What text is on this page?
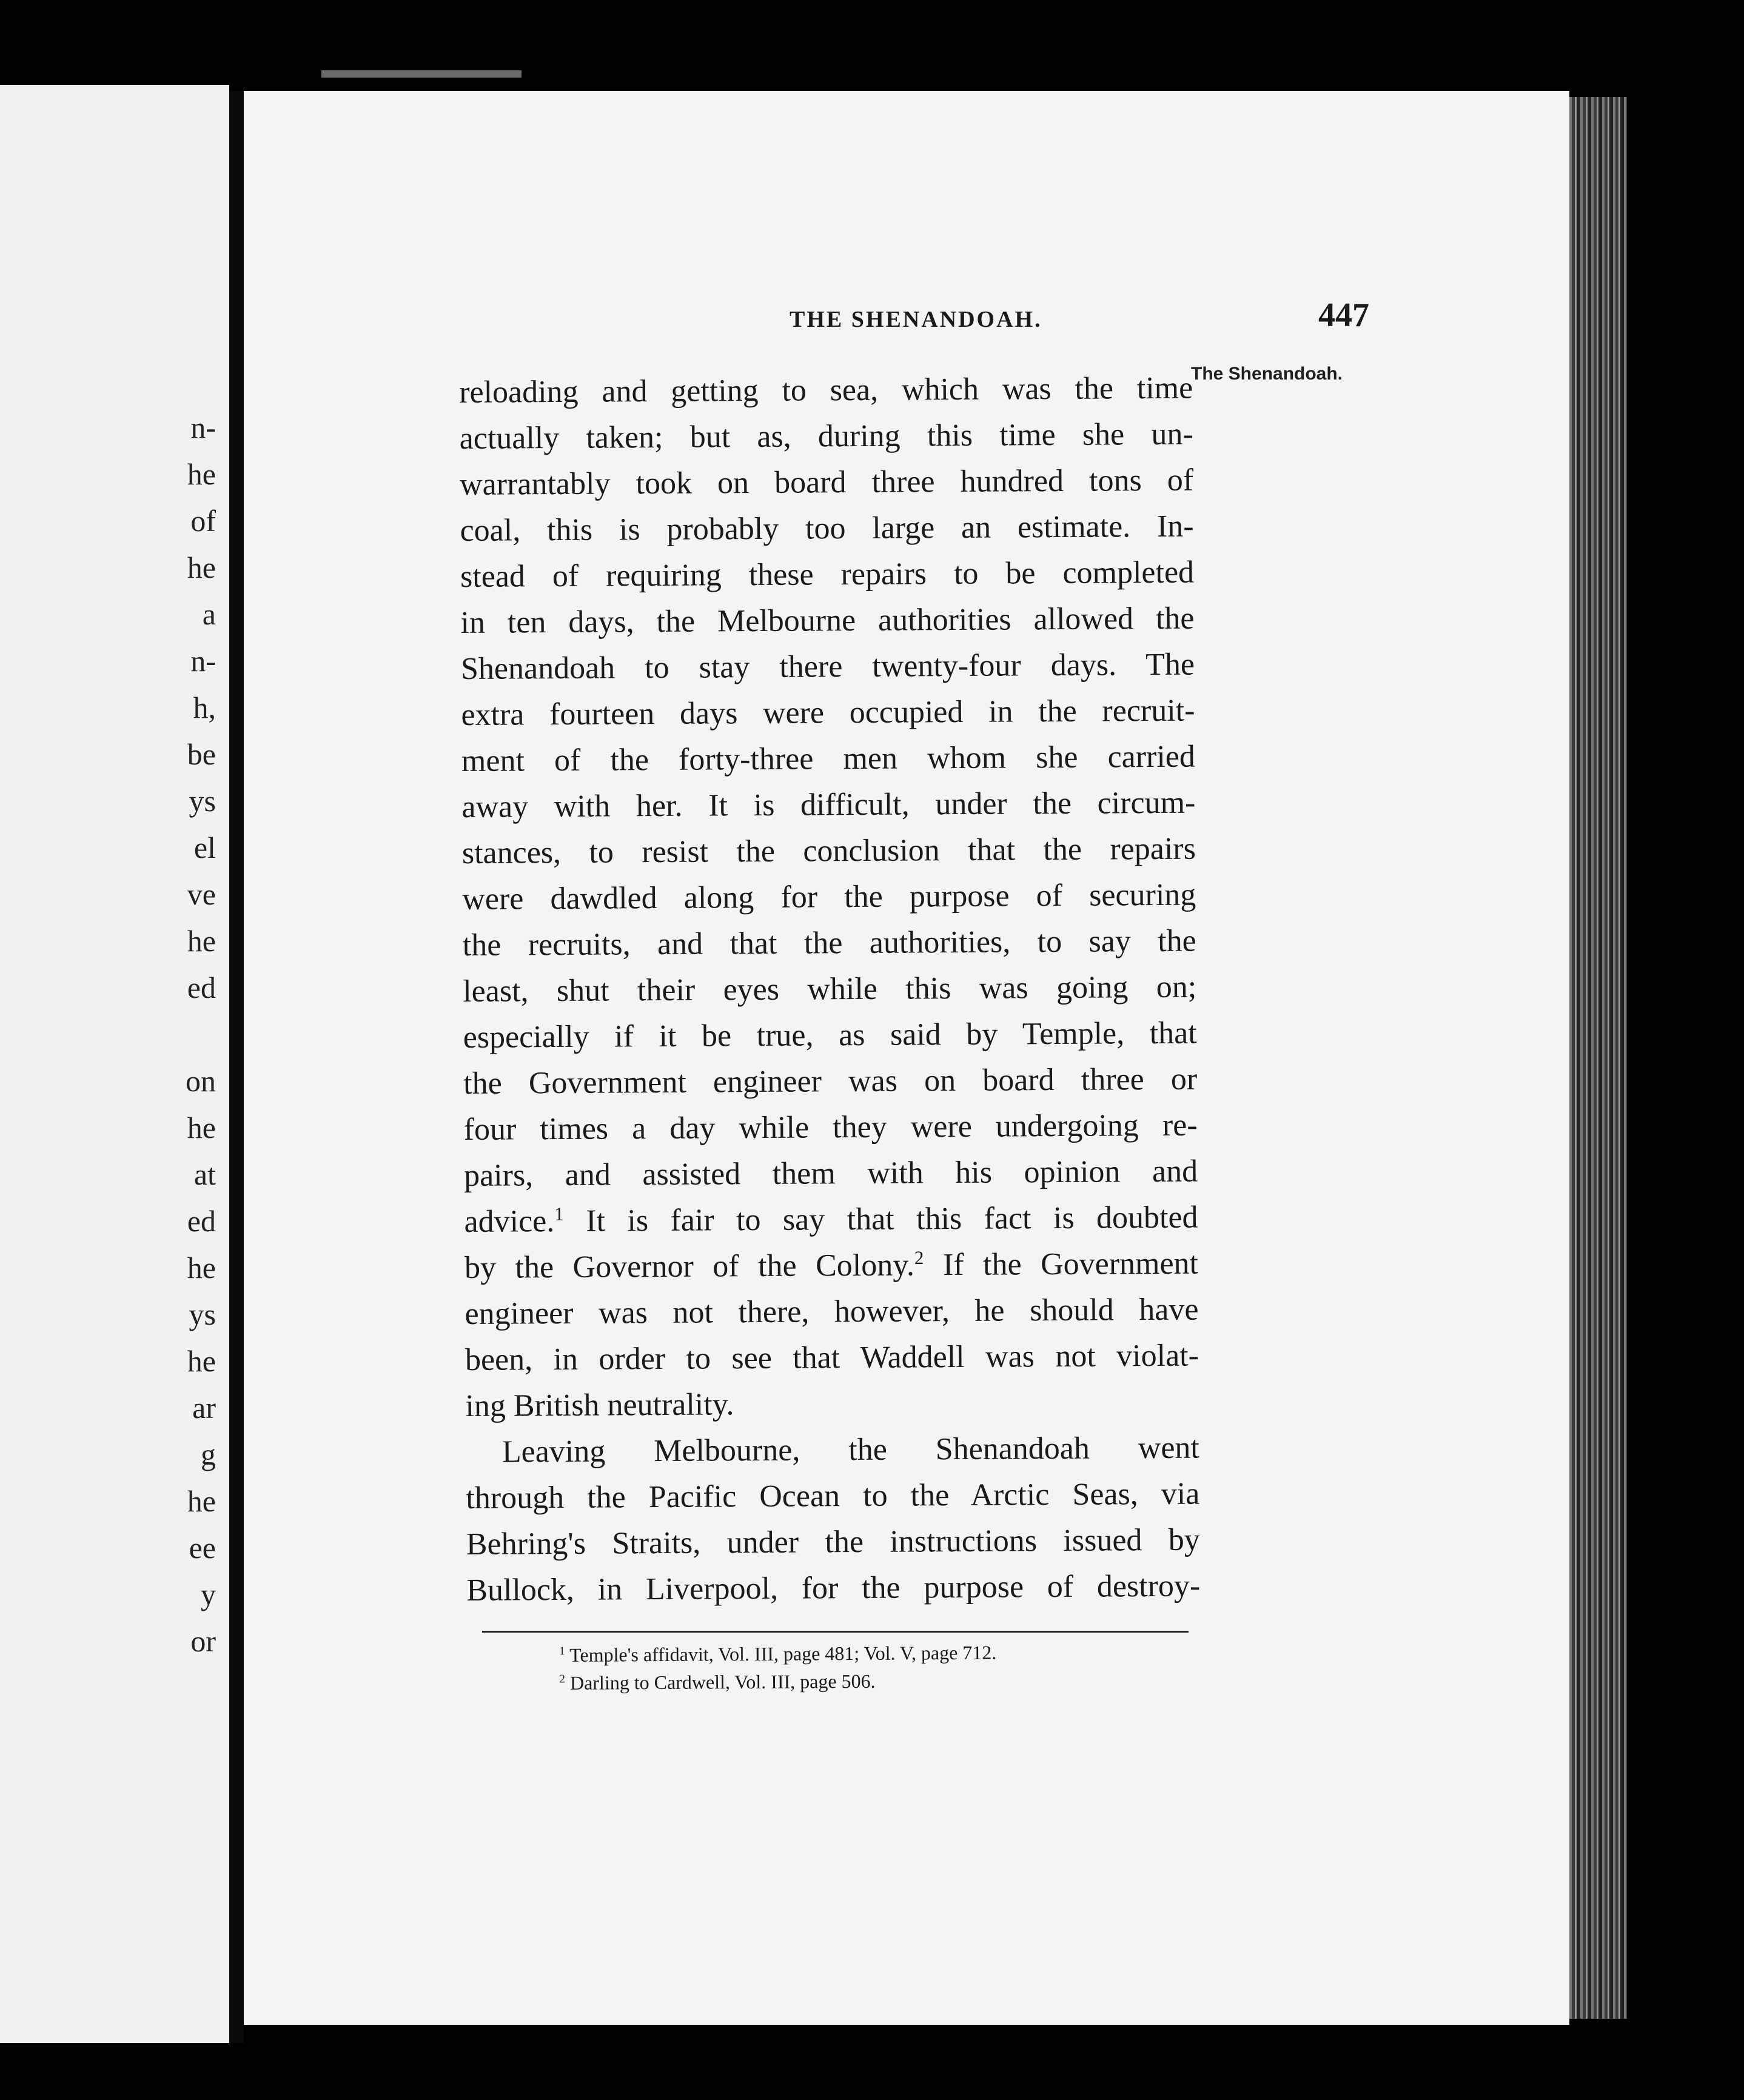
n-
he
of
he
a
n-
h,
be
ys
el
ve
he
ed
on
he
at
ed
he
ys
he
ar
g
he
ee
y
or
THE SHENANDOAH.	447
The Shenandoah.
reloading and getting to sea, which was the time
actually taken; but as, during this time she un-
warrantably took on board three hundred tons of
coal, this is probably too large an estimate. In-
stead of requiring these repairs to be completed
in ten days, the Melbourne authorities allowed the
Shenandoah to stay there twenty-four days. The
extra fourteen days were occupied in the recruit-
ment of the forty-three men whom she carried
away with her. It is difficult, under the circum-
stances, to resist the conclusion that the repairs
were dawdled along for the purpose of securing
the recruits, and that the authorities, to say the
least, shut their eyes while this was going on;
especially if it be true, as said by Temple, that
the Government engineer was on board three or
four times a day while they were undergoing re-
pairs, and assisted them with his opinion and
advice.$^1$ It is fair to say that this fact is doubted
by the Governor of the Colony.$^2$ If the Government
engineer was not there, however, he should have
been, in order to see that Waddell was not violat-
ing British neutrality.
Leaving Melbourne, the Shenandoah went
through the Pacific Ocean to the Arctic Seas, via
Behring's Straits, under the instructions issued by
Bullock, in Liverpool, for the purpose of destroy-
$^1$ Temple's affidavit, Vol. III, page 481; Vol. V, page 712.
$^2$ Darling to Cardwell, Vol. III, page 506.
